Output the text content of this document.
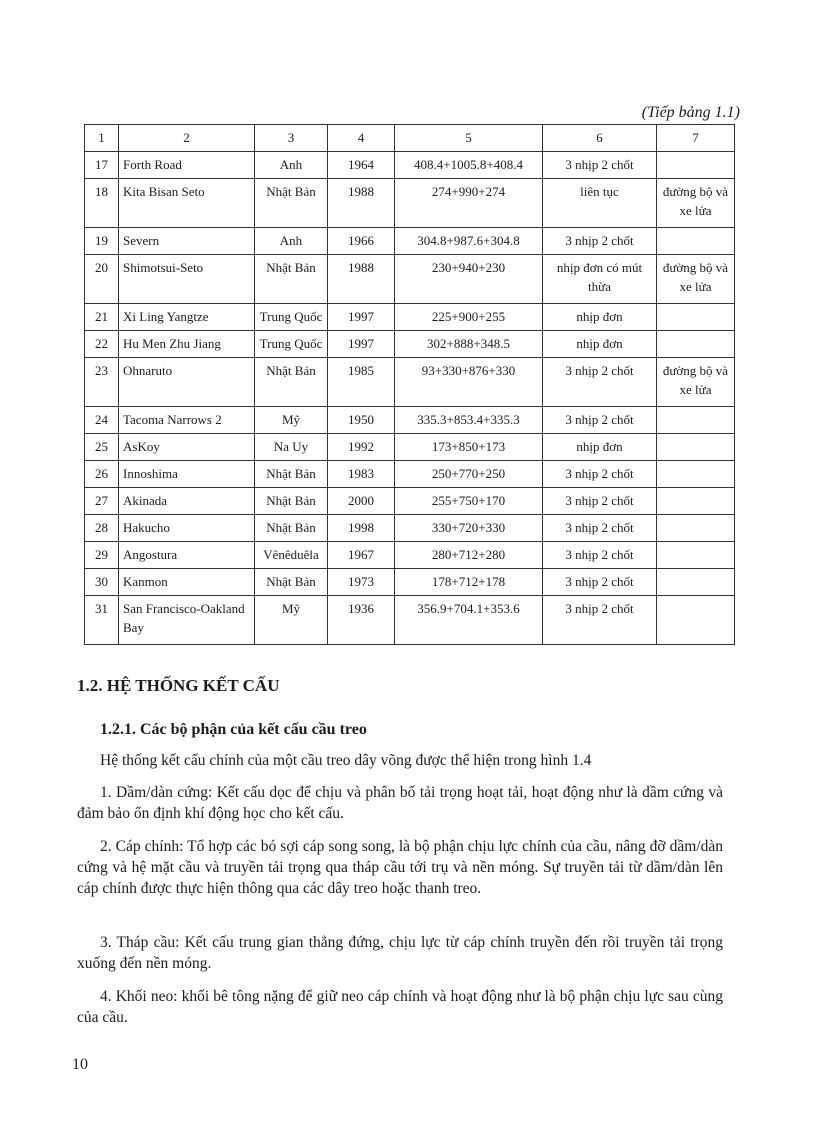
(Tiếp bảng 1.1)
1	2	3	4	5	6	7
17	Forth Road	Anh	1964	408.4+1005.8+408.4	3 nhịp 2 chốt	
18	Kita Bisan Seto	Nhật Bản	1988	274+990+274	liên tục	đường bộ và xe lửa
19	Severn	Anh	1966	304.8+987.6+304.8	3 nhịp 2 chốt	
20	Shimotsui-Seto	Nhật Bản	1988	230+940+230	nhịp đơn có mút thừa	đường bộ và xe lửa
21	Xi Ling Yangtze	Trung Quốc	1997	225+900+255	nhịp đơn	
22	Hu Men Zhu Jiang	Trung Quốc	1997	302+888+348.5	nhịp đơn	
23	Ohnaruto	Nhật Bản	1985	93+330+876+330	3 nhịp 2 chốt	đường bộ và xe lửa
24	Tacoma Narrows 2	Mỹ	1950	335.3+853.4+335.3	3 nhịp 2 chốt	
25	AsKoy	Na Uy	1992	173+850+173	nhịp đơn	
26	Innoshima	Nhật Bản	1983	250+770+250	3 nhịp 2 chốt	
27	Akinada	Nhật Bản	2000	255+750+170	3 nhịp 2 chốt	
28	Hakucho	Nhật Bản	1998	330+720+330	3 nhịp 2 chốt	
29	Angostura	Vênêduêla	1967	280+712+280	3 nhịp 2 chốt	
30	Kanmon	Nhật Bản	1973	178+712+178	3 nhịp 2 chốt	
31	San Francisco-Oakland Bay	Mỹ	1936	356.9+704.1+353.6	3 nhịp 2 chốt	
1.2. HỆ THỐNG KẾT CẤU
1.2.1. Các bộ phận của kết cấu cầu treo
Hệ thống kết cấu chính của một cầu treo dây võng được thể hiện trong hình 1.4
1. Dầm/dàn cứng: Kết cấu dọc để chịu và phân bố tải trọng hoạt tải, hoạt động như là dầm cứng và đảm bảo ổn định khí động học cho kết cấu.
2. Cáp chính: Tổ hợp các bó sợi cáp song song, là bộ phận chịu lực chính của cầu, nâng đỡ dầm/dàn cứng và hệ mặt cầu và truyền tải trọng qua tháp cầu tới trụ và nền móng. Sự truyền tải từ dầm/dàn lên cáp chính được thực hiện thông qua các dây treo hoặc thanh treo.
3. Tháp cầu: Kết cấu trung gian thẳng đứng, chịu lực từ cáp chính truyền đến rồi truyền tải trọng xuống đến nền móng.
4. Khối neo: khối bê tông nặng để giữ neo cáp chính và hoạt động như là bộ phận chịu lực sau cùng của cầu.
10
